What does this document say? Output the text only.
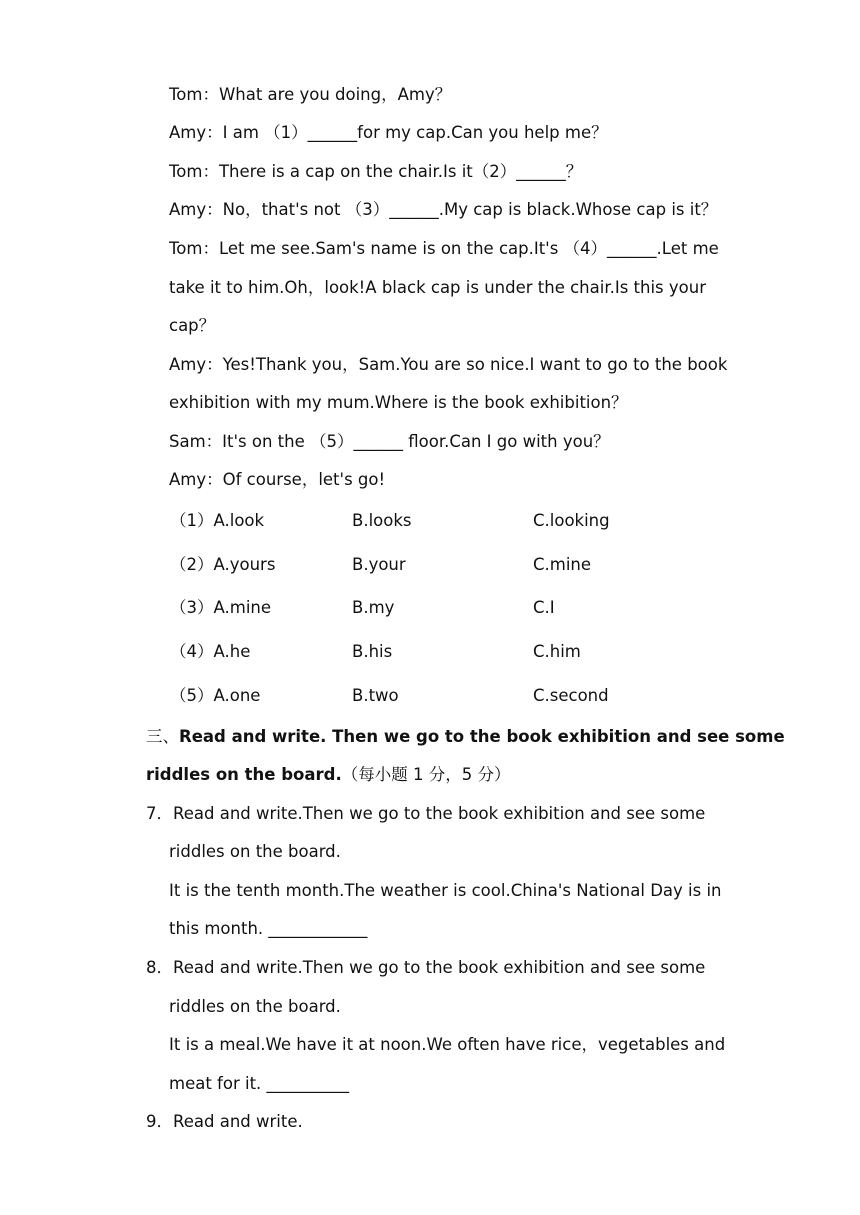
Tom：What are you doing，Amy？
Amy：I am （1）______for my cap.Can you help me？
Tom：There is a cap on the chair.Is it（2）______？
Amy：No，that's not （3）______.My cap is black.Whose cap is it？
Tom：Let me see.Sam's name is on the cap.It's （4）______.Let me
take it to him.Oh，look!A black cap is under the chair.Is this your
cap？
Amy：Yes!Thank you，Sam.You are so nice.I want to go to the book
exhibition with my mum.Where is the book exhibition？
Sam：It's on the （5）______ floor.Can I go with you？
Amy：Of course，let's go!
（1）A.look	B.looks	C.looking
（2）A.yours	B.your	C.mine
（3）A.mine	B.my	C.I
（4）A.he	B.his	C.him
（5）A.one	B.two	C.second
三、Read and write. Then we go to the book exhibition and see some
riddles on the board.（每小题 1 分，5 分）
7．Read and write.Then we go to the book exhibition and see some
riddles on the board.
It is the tenth month.The weather is cool.China's National Day is in
this month. ____________
8．Read and write.Then we go to the book exhibition and see some
riddles on the board.
It is a meal.We have it at noon.We often have rice，vegetables and
meat for it. __________
9．Read and write.
